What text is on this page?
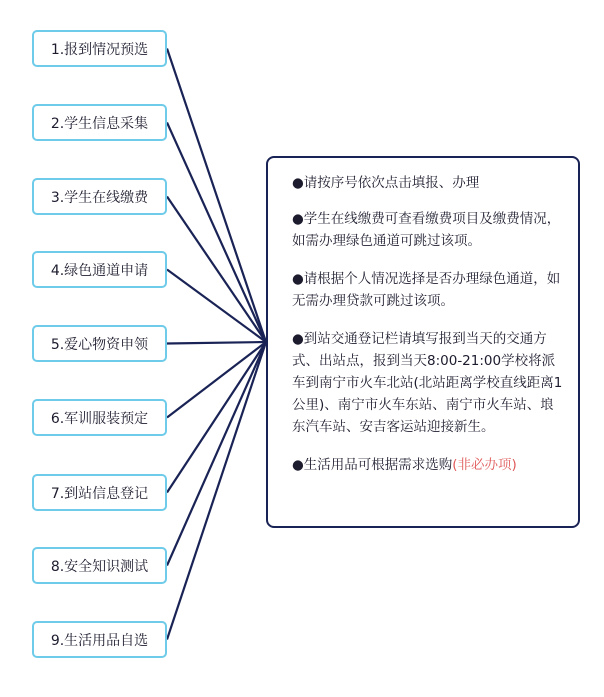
1.报到情况预选
2.学生信息采集
3.学生在线缴费
4.绿色通道申请
5.爱心物资申领
6.军训服装预定
7.到站信息登记
8.安全知识测试
9.生活用品自选

●请按序号依次点击填报、办理

●学生在线缴费可查看缴费项目及缴费情况，如需办理绿色通道可跳过该项。

●请根据个人情况选择是否办理绿色通道，如无需办理贷款可跳过该项。

●到站交通登记栏请填写报到当天的交通方式、出站点，报到当天8:00-21:00学校将派车到南宁市火车北站(北站距离学校直线距离1公里)、南宁市火车东站、南宁市火车站、埌东汽车站、安吉客运站迎接新生。

●生活用品可根据需求选购(非必办项)
